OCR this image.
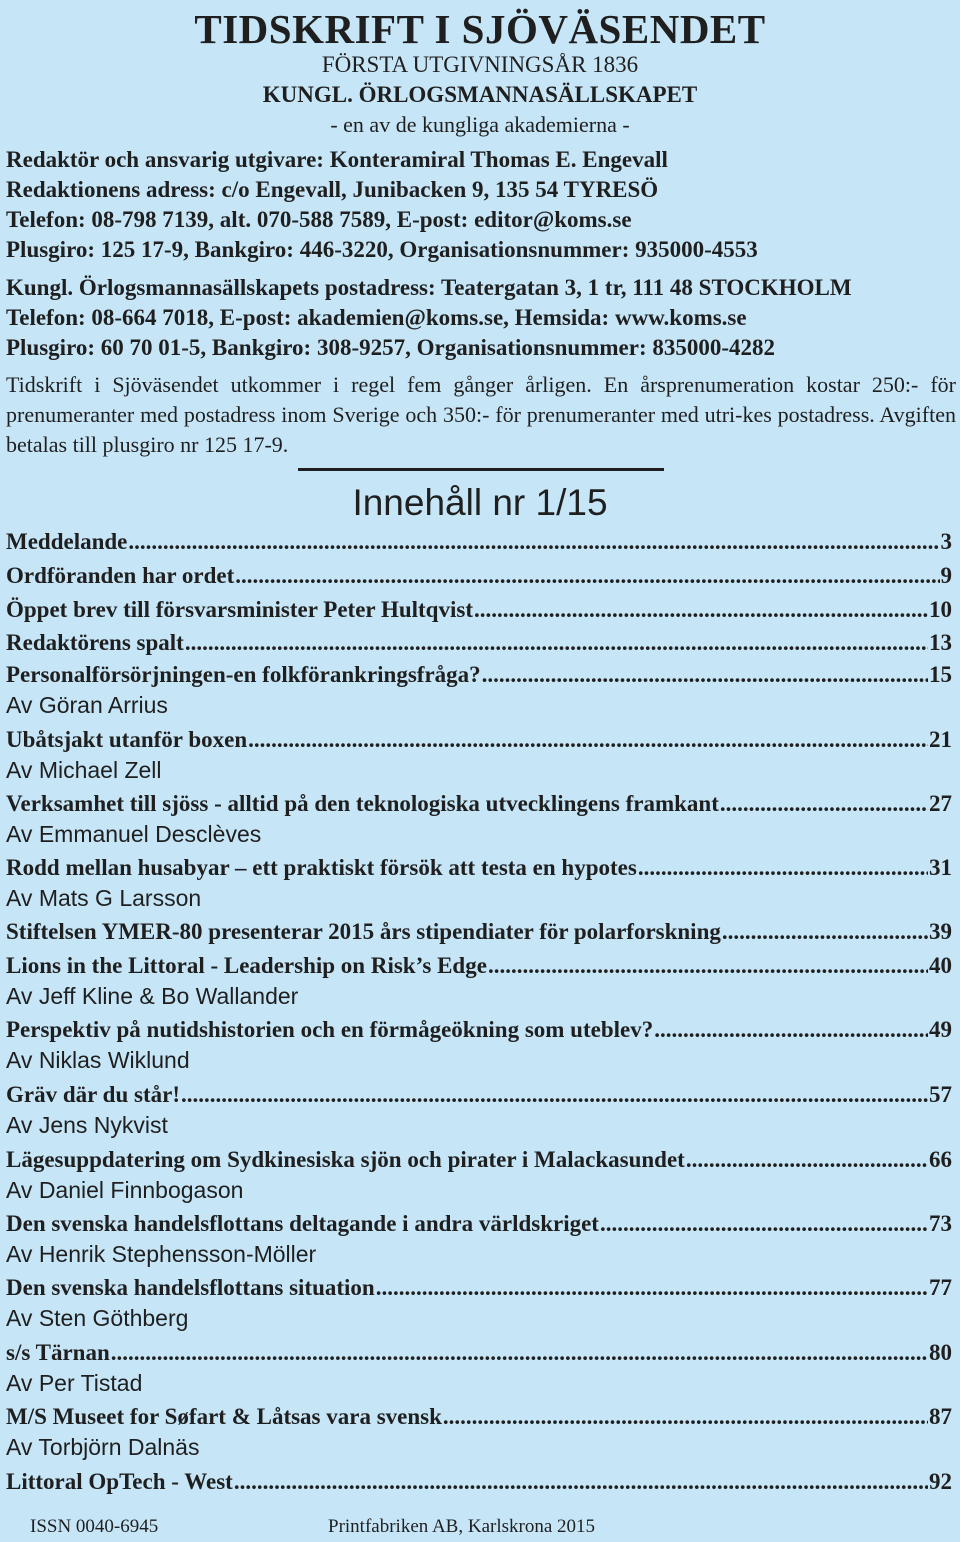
TIDSKRIFT I SJÖVÄSENDET
FÖRSTA UTGIVNINGSÅR 1836
KUNGL. ÖRLOGSMANNASÄLLSKAPET
- en av de kungliga akademierna -
Redaktör och ansvarig utgivare: Konteramiral Thomas E. Engevall
Redaktionens adress: c/o Engevall, Junibacken 9, 135 54 TYRESÖ
Telefon: 08-798 7139, alt. 070-588 7589, E-post: editor@koms.se
Plusgiro: 125 17-9, Bankgiro: 446-3220, Organisationsnummer: 935000-4553
Kungl. Örlogsmannasällskapets postadress: Teatergatan 3, 1 tr, 111 48 STOCKHOLM
Telefon: 08-664 7018, E-post: akademien@koms.se, Hemsida: www.koms.se
Plusgiro: 60 70 01-5, Bankgiro: 308-9257, Organisationsnummer: 835000-4282
Tidskrift i Sjöväsendet utkommer i regel fem gånger årligen. En årsprenumeration kostar 250:- för prenumeranter med postadress inom Sverige och 350:- för prenumeranter med utri-kes postadress. Avgiften betalas till plusgiro nr 125 17-9.
Innehåll nr 1/15
Meddelande .....	3
Ordföranden har ordet .....	9
Öppet brev till försvarsminister Peter Hultqvist .....	10
Redaktörens spalt .....	13
Personalförsörjningen-en folkförankringsfråga? .....	15
Av Göran Arrius
Ubåtsjakt utanför boxen .....	21
Av Michael Zell
Verksamhet till sjöss - alltid på den teknologiska utvecklingens framkant .....	27
Av Emmanuel Desclèves
Rodd mellan husabyar – ett praktiskt försök att testa en hypotes .....	31
Av Mats G Larsson
Stiftelsen YMER-80 presenterar 2015 års stipendiater för polarforskning .....	39
Lions in the Littoral - Leadership on Risk’s Edge .....	40
Av Jeff Kline & Bo Wallander
Perspektiv på nutidshistorien och en förmågeökning som uteblev? .....	49
Av Niklas Wiklund
Gräv där du står! .....	57
Av Jens Nykvist
Lägesuppdatering om Sydkinesiska sjön och pirater i Malackasundet .....	66
Av Daniel Finnbogason
Den svenska handelsflottans deltagande i andra världskriget .....	73
Av Henrik Stephensson-Möller
Den svenska handelsflottans situation .....	77
Av Sten Göthberg
s/s Tärnan .....	80
Av Per Tistad
M/S Museet for Søfart & Låtsas vara svensk .....	87
Av Torbjörn Dalnäs
Littoral OpTech - West .....	92
ISSN 0040-6945	Printfabriken AB, Karlskrona 2015
